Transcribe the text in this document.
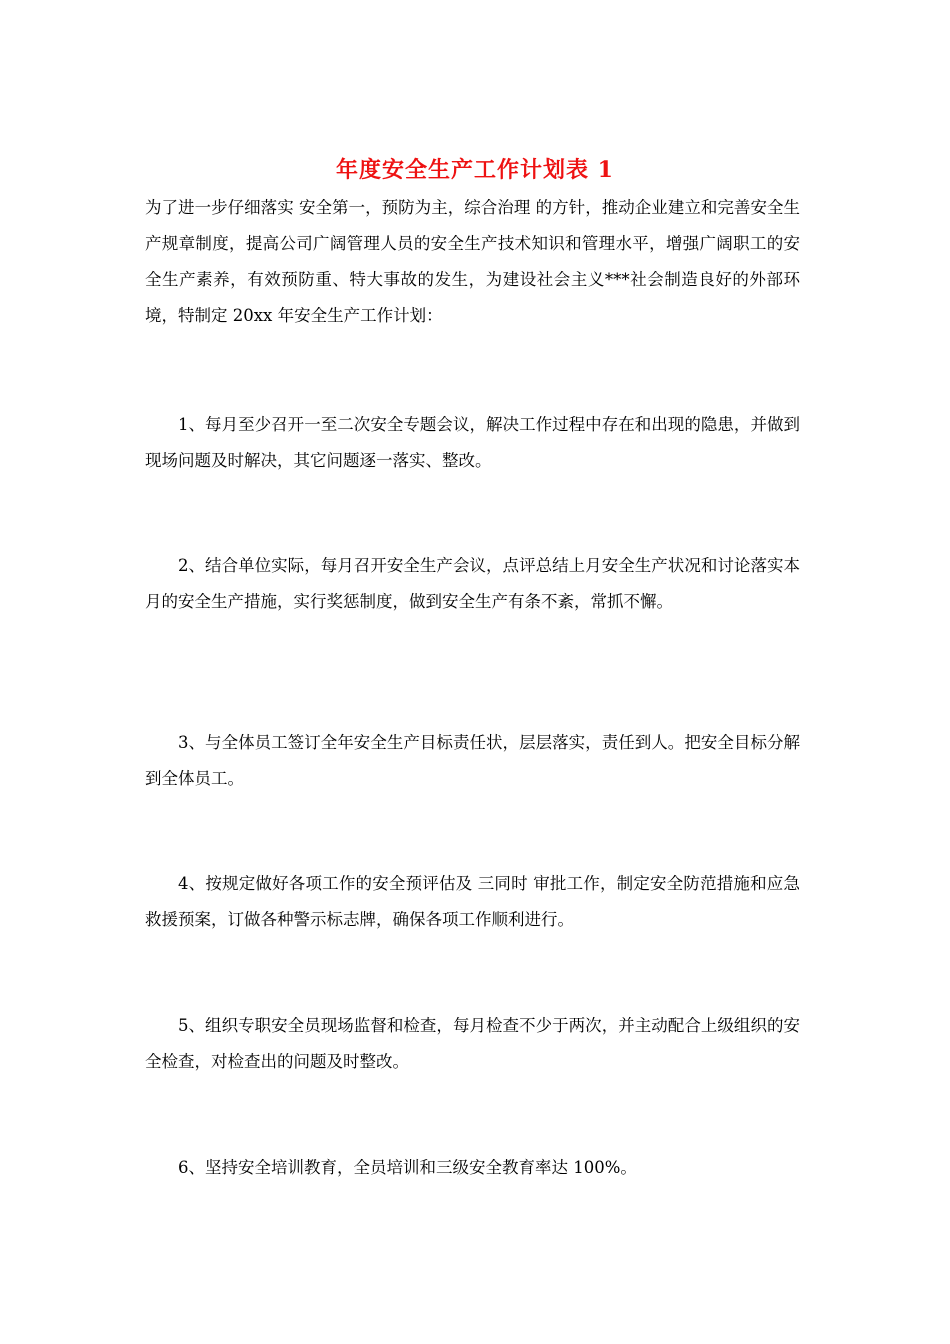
年度安全生产工作计划表 1

为了进一步仔细落实 安全第一，预防为主，综合治理 的方针，推动企业建立和完善安全生产规章制度，提高公司广阔管理人员的安全生产技术知识和管理水平，增强广阔职工的安全生产素养，有效预防重、特大事故的发生，为建设社会主义***社会制造良好的外部环境，特制定 20xx 年安全生产工作计划：

1、每月至少召开一至二次安全专题会议，解决工作过程中存在和出现的隐患，并做到现场问题及时解决，其它问题逐一落实、整改。

2、结合单位实际，每月召开安全生产会议，点评总结上月安全生产状况和讨论落实本月的安全生产措施，实行奖惩制度，做到安全生产有条不紊，常抓不懈。

3、与全体员工签订全年安全生产目标责任状，层层落实，责任到人。把安全目标分解到全体员工。

4、按规定做好各项工作的安全预评估及 三同时 审批工作，制定安全防范措施和应急救援预案，订做各种警示标志牌，确保各项工作顺利进行。

5、组织专职安全员现场监督和检查，每月检查不少于两次，并主动配合上级组织的安全检查，对检查出的问题及时整改。

6、坚持安全培训教育，全员培训和三级安全教育率达 100%。
